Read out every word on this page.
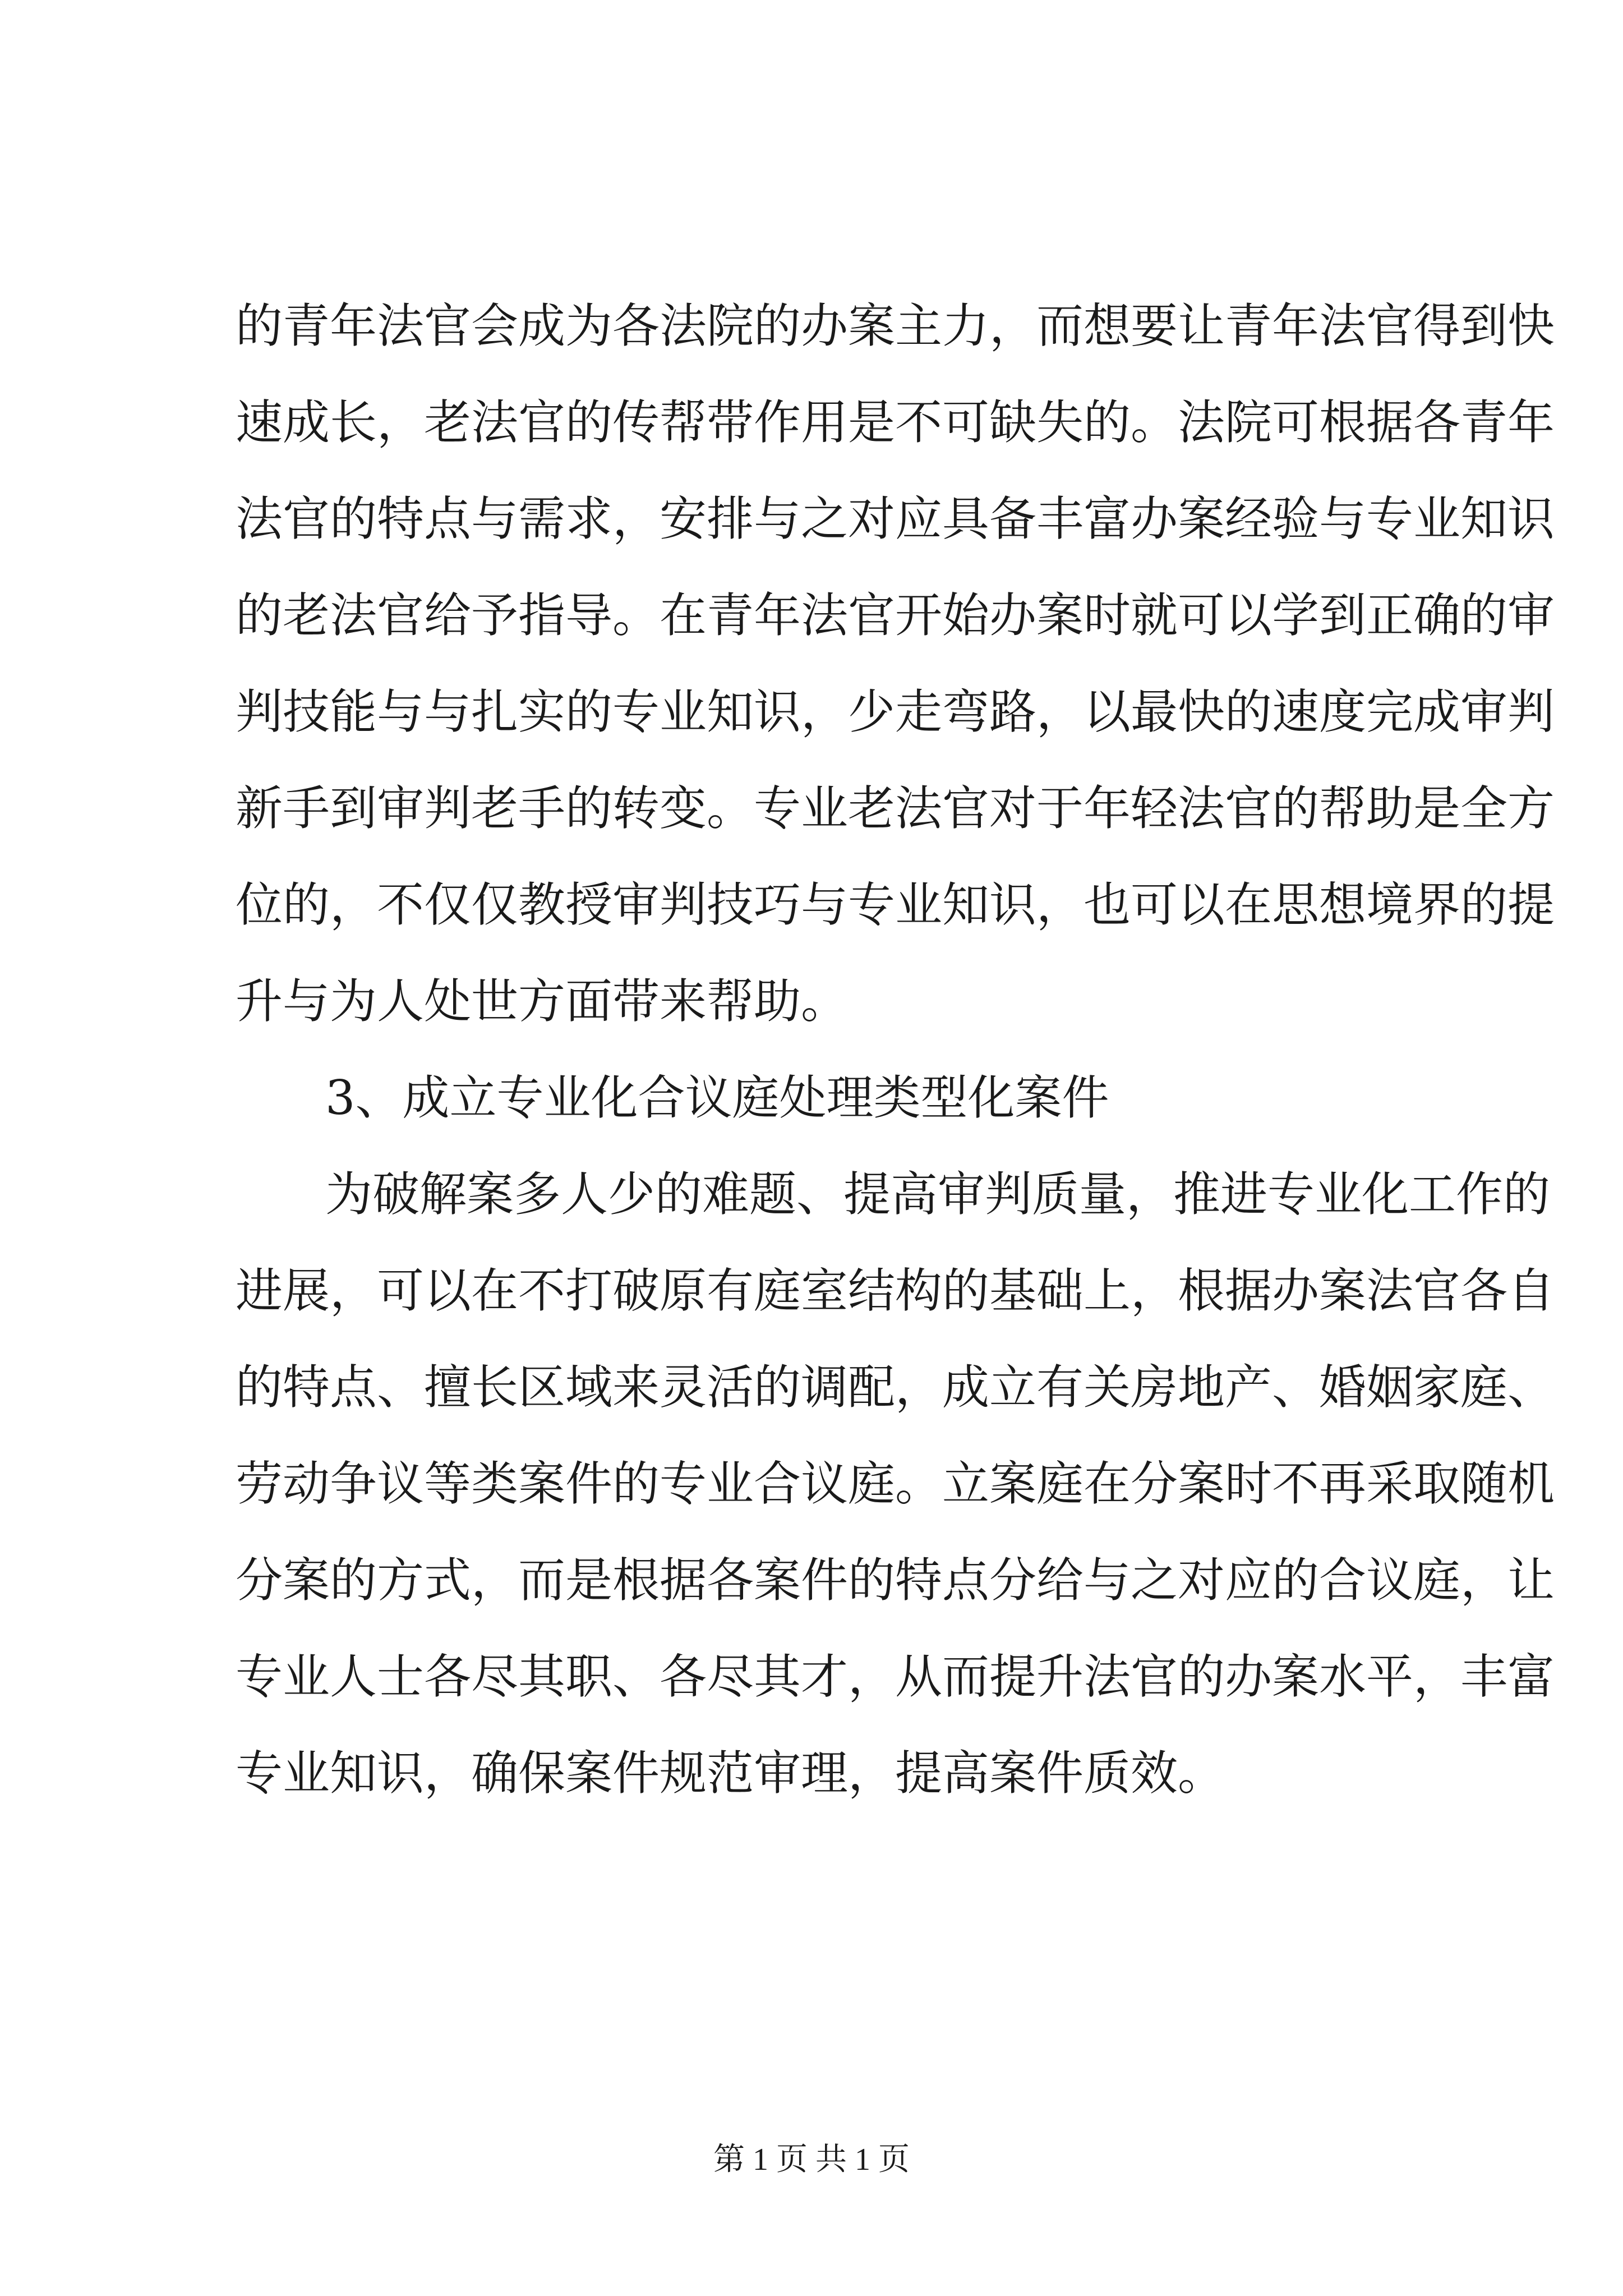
的青年法官会成为各法院的办案主力，而想要让青年法官得到快
速成长，老法官的传帮带作用是不可缺失的。法院可根据各青年
法官的特点与需求，安排与之对应具备丰富办案经验与专业知识
的老法官给予指导。在青年法官开始办案时就可以学到正确的审
判技能与与扎实的专业知识，少走弯路，以最快的速度完成审判
新手到审判老手的转变。专业老法官对于年轻法官的帮助是全方
位的，不仅仅教授审判技巧与专业知识，也可以在思想境界的提
升与为人处世方面带来帮助。
3、成立专业化合议庭处理类型化案件
为破解案多人少的难题、提高审判质量，推进专业化工作的
进展，可以在不打破原有庭室结构的基础上，根据办案法官各自
的特点、擅长区域来灵活的调配，成立有关房地产、婚姻家庭、
劳动争议等类案件的专业合议庭。立案庭在分案时不再采取随机
分案的方式，而是根据各案件的特点分给与之对应的合议庭，让
专业人士各尽其职、各尽其才，从而提升法官的办案水平，丰富
专业知识，确保案件规范审理，提高案件质效。
第 1 页 共 1 页
